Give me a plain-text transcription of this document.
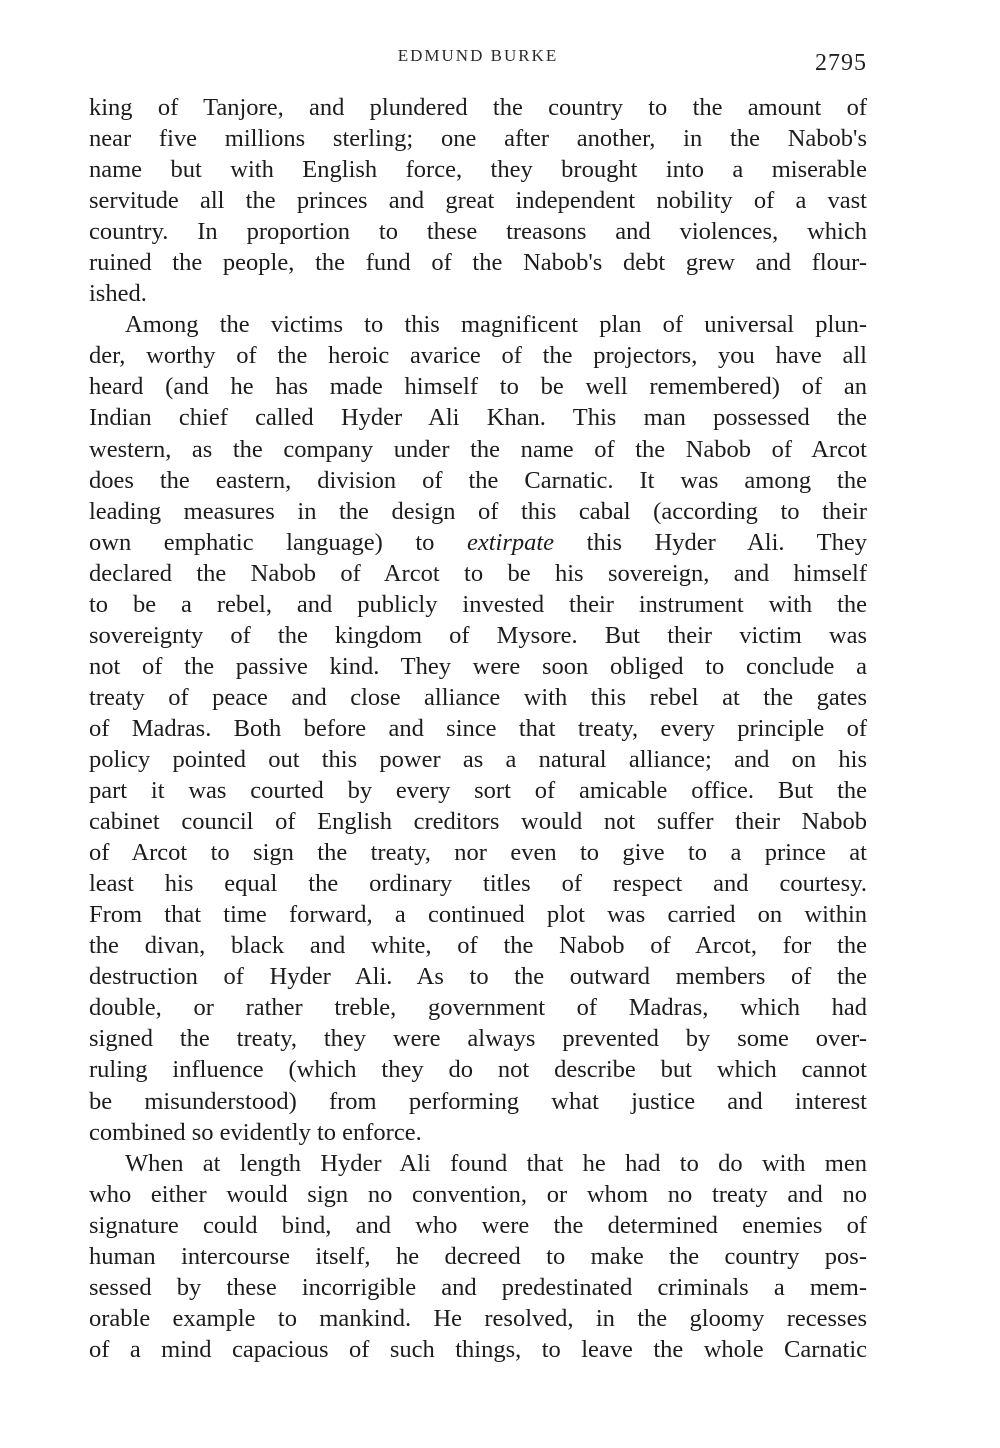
EDMUND BURKE	2795

king of Tanjore, and plundered the country to the amount of
near five millions sterling; one after another, in the Nabob's
name but with English force, they brought into a miserable
servitude all the princes and great independent nobility of a vast
country. In proportion to these treasons and violences, which
ruined the people, the fund of the Nabob's debt grew and flour-
ished.

Among the victims to this magnificent plan of universal plun-
der, worthy of the heroic avarice of the projectors, you have all
heard (and he has made himself to be well remembered) of an
Indian chief called Hyder Ali Khan. This man possessed the
western, as the company under the name of the Nabob of Arcot
does the eastern, division of the Carnatic. It was among the
leading measures in the design of this cabal (according to their
own emphatic language) to extirpate this Hyder Ali. They
declared the Nabob of Arcot to be his sovereign, and himself
to be a rebel, and publicly invested their instrument with the
sovereignty of the kingdom of Mysore. But their victim was
not of the passive kind. They were soon obliged to conclude a
treaty of peace and close alliance with this rebel at the gates
of Madras. Both before and since that treaty, every principle of
policy pointed out this power as a natural alliance; and on his
part it was courted by every sort of amicable office. But the
cabinet council of English creditors would not suffer their Nabob
of Arcot to sign the treaty, nor even to give to a prince at
least his equal the ordinary titles of respect and courtesy.
From that time forward, a continued plot was carried on within
the divan, black and white, of the Nabob of Arcot, for the
destruction of Hyder Ali. As to the outward members of the
double, or rather treble, government of Madras, which had
signed the treaty, they were always prevented by some over-
ruling influence (which they do not describe but which cannot
be misunderstood) from performing what justice and interest
combined so evidently to enforce.

When at length Hyder Ali found that he had to do with men
who either would sign no convention, or whom no treaty and no
signature could bind, and who were the determined enemies of
human intercourse itself, he decreed to make the country pos-
sessed by these incorrigible and predestinated criminals a mem-
orable example to mankind. He resolved, in the gloomy recesses
of a mind capacious of such things, to leave the whole Carnatic
